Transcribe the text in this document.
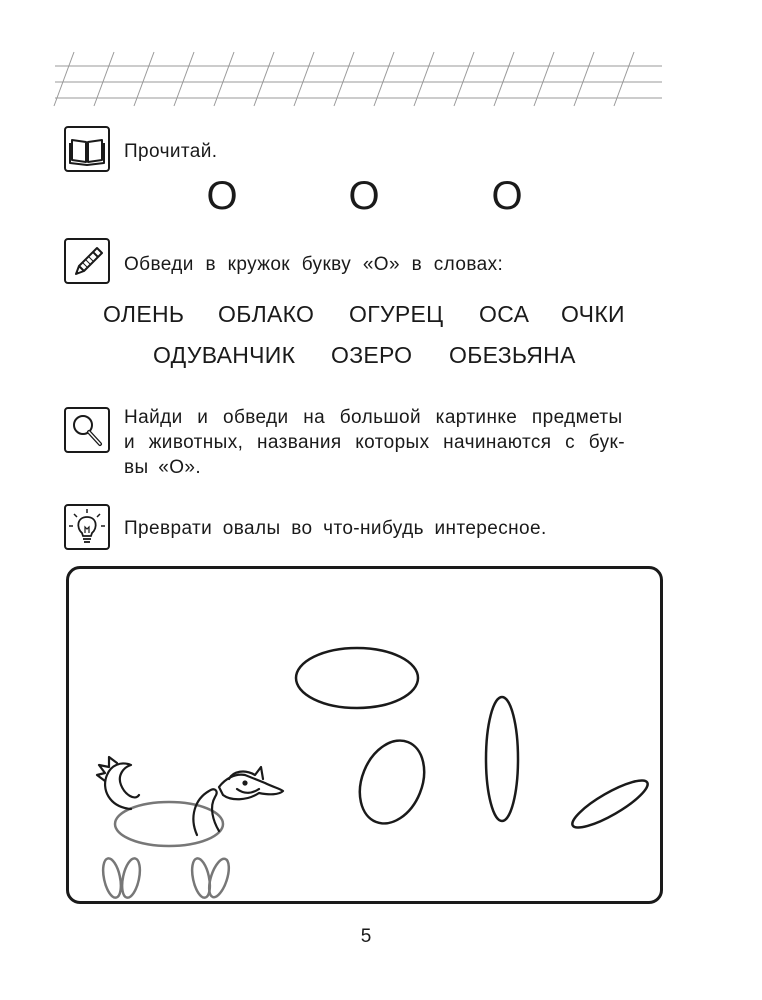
Прочитай.
О	О	О
Обведи в кружок букву «О» в словах:
ОЛЕНЬ ОБЛАКО ОГУРЕЦ ОСА ОЧКИ
ОДУВАНЧИК ОЗЕРО ОБЕЗЬЯНА
Найди и обведи на большой картинке предметы
и животных, названия которых начинаются с бук-
вы «О».
Преврати овалы во что-нибудь интересное.
5
